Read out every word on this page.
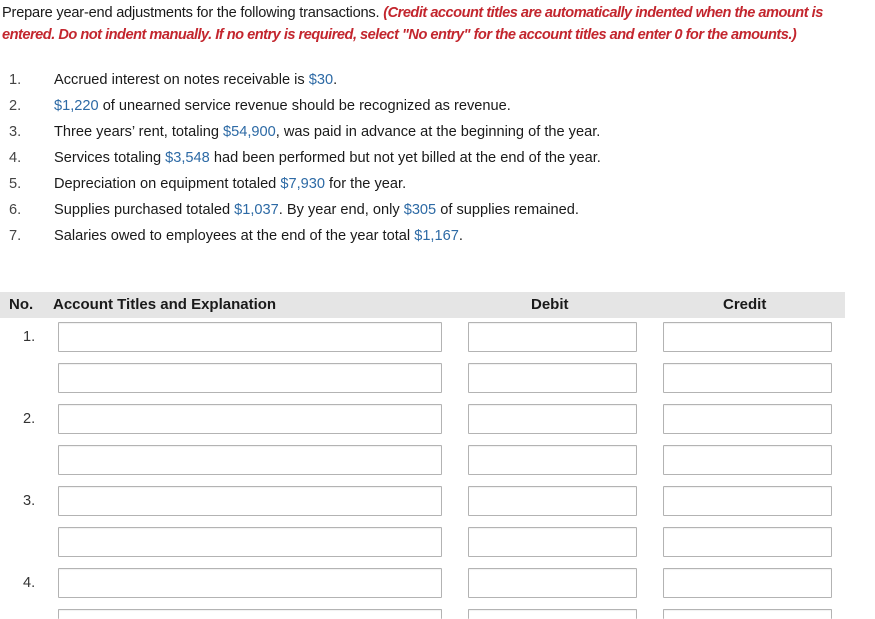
Prepare year-end adjustments for the following transactions. (Credit account titles are automatically indented when the amount is entered. Do not indent manually. If no entry is required, select "No entry" for the account titles and enter 0 for the amounts.)
1.	Accrued interest on notes receivable is $30.
2.	$1,220 of unearned service revenue should be recognized as revenue.
3.	Three years’ rent, totaling $54,900, was paid in advance at the beginning of the year.
4.	Services totaling $3,548 had been performed but not yet billed at the end of the year.
5.	Depreciation on equipment totaled $7,930 for the year.
6.	Supplies purchased totaled $1,037. By year end, only $305 of supplies remained.
7.	Salaries owed to employees at the end of the year total $1,167.
No. Account Titles and Explanation	Debit	Credit
1.
2.
3.
4.
